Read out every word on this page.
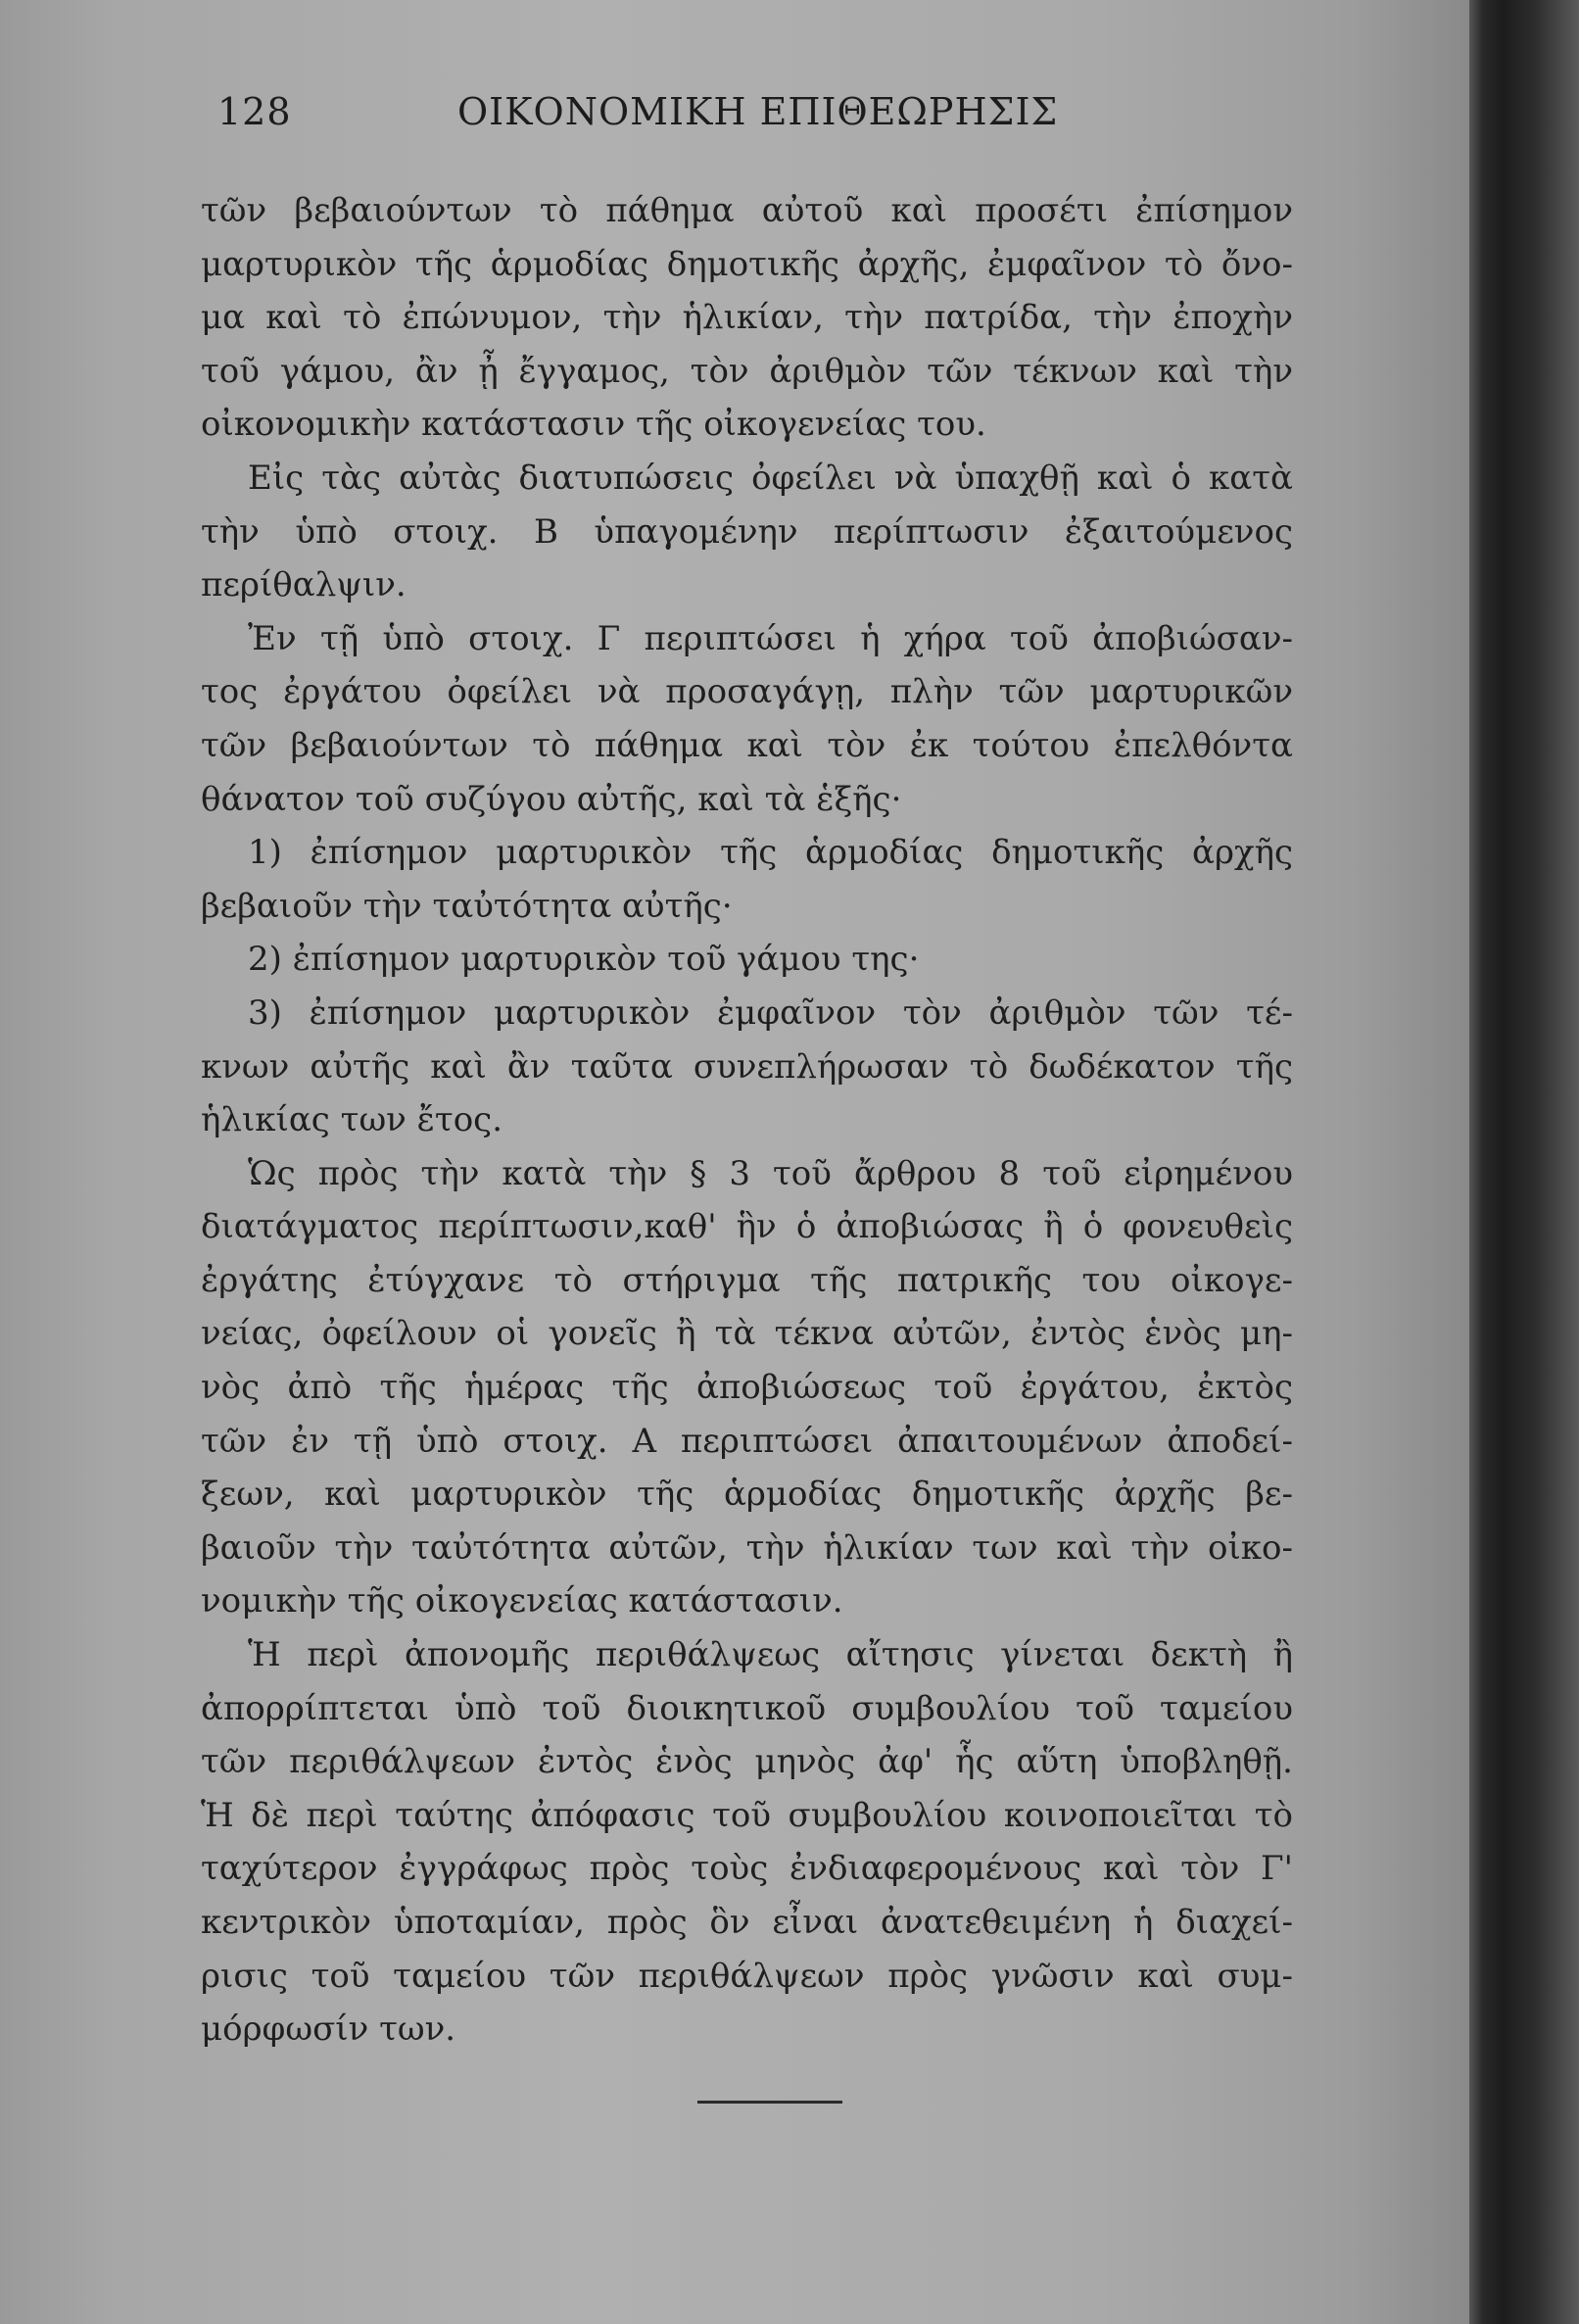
128	ΟΙΚΟΝΟΜΙΚΗ ΕΠΙΘΕΩΡΗΣΙΣ
τῶν βεβαιούντων τὸ πάθημα αὐτοῦ καὶ προσέτι ἐπίσημον
μαρτυρικὸν τῆς ἁρμοδίας δημοτικῆς ἀρχῆς, ἐμφαῖνον τὸ ὄνο-
μα καὶ τὸ ἐπώνυμον, τὴν ἡλικίαν, τὴν πατρίδα, τὴν ἐποχὴν
τοῦ γάμου, ἂν ᾖ ἔγγαμος, τὸν ἀριθμὸν τῶν τέκνων καὶ τὴν
οἰκονομικὴν κατάστασιν τῆς οἰκογενείας του.
Εἰς τὰς αὐτὰς διατυπώσεις ὀφείλει νὰ ὑπαχθῇ καὶ ὁ κατὰ
τὴν ὑπὸ στοιχ. Β ὑπαγομένην περίπτωσιν ἐξαιτούμενος
περίθαλψιν.
Ἐν τῇ ὑπὸ στοιχ. Γ περιπτώσει ἡ χήρα τοῦ ἀποβιώσαν-
τος ἐργάτου ὀφείλει νὰ προσαγάγῃ, πλὴν τῶν μαρτυρικῶν
τῶν βεβαιούντων τὸ πάθημα καὶ τὸν ἐκ τούτου ἐπελθόντα
θάνατον τοῦ συζύγου αὐτῆς, καὶ τὰ ἑξῆς·
1) ἐπίσημον μαρτυρικὸν τῆς ἁρμοδίας δημοτικῆς ἀρχῆς
βεβαιοῦν τὴν ταὐτότητα αὐτῆς·
2) ἐπίσημον μαρτυρικὸν τοῦ γάμου της·
3) ἐπίσημον μαρτυρικὸν ἐμφαῖνον τὸν ἀριθμὸν τῶν τέ-
κνων αὐτῆς καὶ ἂν ταῦτα συνεπλήρωσαν τὸ δωδέκατον τῆς
ἡλικίας των ἔτος.
Ὡς πρὸς τὴν κατὰ τὴν § 3 τοῦ ἄρθρου 8 τοῦ εἰρημένου
διατάγματος περίπτωσιν,καθ' ἣν ὁ ἀποβιώσας ἢ ὁ φονευθεὶς
ἐργάτης ἐτύγχανε τὸ στήριγμα τῆς πατρικῆς του οἰκογε-
νείας, ὀφείλουν οἱ γονεῖς ἢ τὰ τέκνα αὐτῶν, ἐντὸς ἑνὸς μη-
νὸς ἀπὸ τῆς ἡμέρας τῆς ἀποβιώσεως τοῦ ἐργάτου, ἐκτὸς
τῶν ἐν τῇ ὑπὸ στοιχ. Α περιπτώσει ἀπαιτουμένων ἀποδεί-
ξεων, καὶ μαρτυρικὸν τῆς ἁρμοδίας δημοτικῆς ἀρχῆς βε-
βαιοῦν τὴν ταὐτότητα αὐτῶν, τὴν ἡλικίαν των καὶ τὴν οἰκο-
νομικὴν τῆς οἰκογενείας κατάστασιν.
Ἡ περὶ ἀπονομῆς περιθάλψεως αἴτησις γίνεται δεκτὴ ἢ
ἀπορρίπτεται ὑπὸ τοῦ διοικητικοῦ συμβουλίου τοῦ ταμείου
τῶν περιθάλψεων ἐντὸς ἑνὸς μηνὸς ἀφ' ἧς αὕτη ὑποβληθῇ.
Ἡ δὲ περὶ ταύτης ἀπόφασις τοῦ συμβουλίου κοινοποιεῖται τὸ
ταχύτερον ἐγγράφως πρὸς τοὺς ἐνδιαφερομένους καὶ τὸν Γ'
κεντρικὸν ὑποταμίαν, πρὸς ὃν εἶναι ἀνατεθειμένη ἡ διαχεί-
ρισις τοῦ ταμείου τῶν περιθάλψεων πρὸς γνῶσιν καὶ συμ-
μόρφωσίν των.
